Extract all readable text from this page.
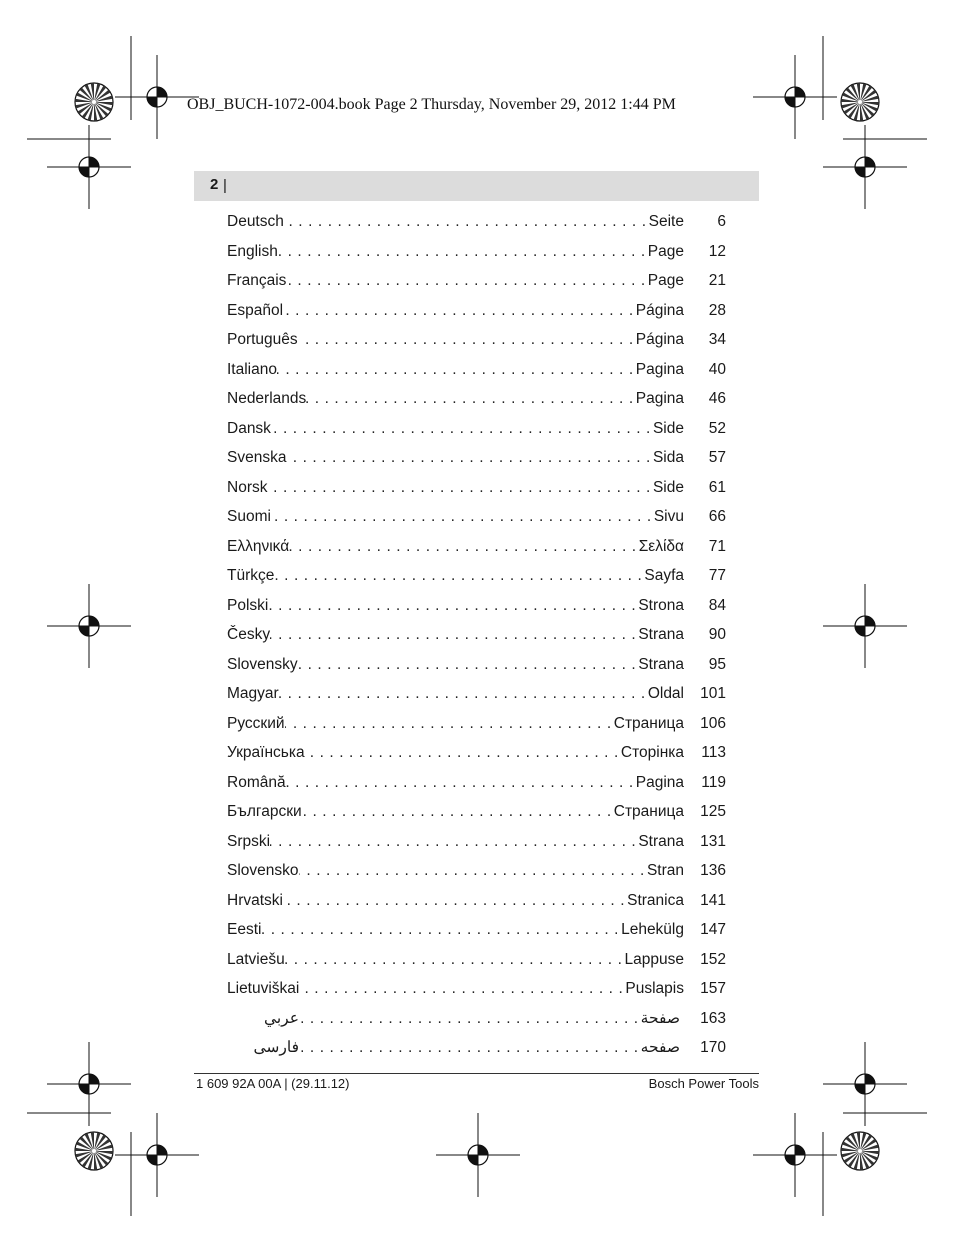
OBJ_BUCH-1072-004.book Page 2 Thursday, November 29, 2012 1:44 PM
2 |
Deutsch . . .	Seite	6
English . . .	Page	12
Français . . .	Page	21
Español . . .	Página	28
Português . . .	Página	34
Italiano . . .	Pagina	40
Nederlands . . .	Pagina	46
Dansk . . .	Side	52
Svenska . . .	Sida	57
Norsk . . .	Side	61
Suomi . . .	Sivu	66
Ελληνικά . . .	Σελίδα	71
Türkçe . . .	Sayfa	77
Polski . . .	Strona	84
Česky . . .	Strana	90
Slovensky . . .	Strana	95
Magyar . . .	Oldal	101
Русский . . .	Страница	106
Українська . . .	Сторінка	113
Română . . .	Pagina	119
Български . . .	Страница	125
Srpski . . .	Strana	131
Slovensko . . .	Stran	136
Hrvatski . . .	Stranica	141
Eesti . . .	Lehekülg	147
Latviešu . . .	Lappuse	152
Lietuviškai . . .	Puslapis	157
عربي . . .	صفحة	163
فارسی . . .	صفحه	170
1 609 92A 00A | (29.11.12)	Bosch Power Tools
